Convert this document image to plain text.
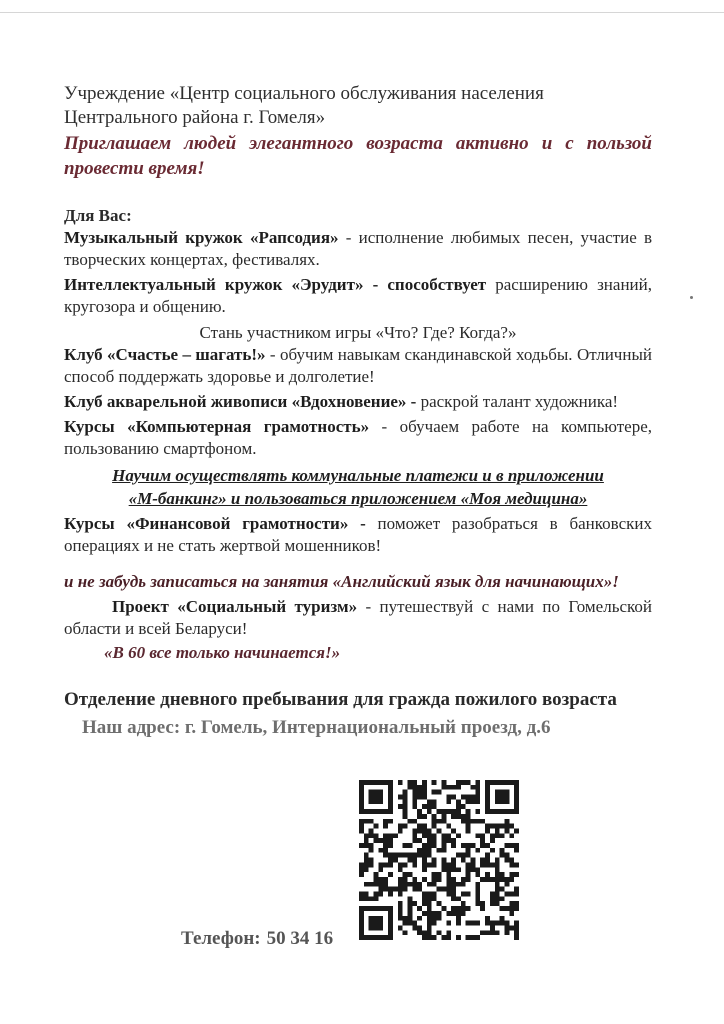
Учреждение «Центр социального обслуживания населения
Центрального района г. Гомеля»
Приглашаем людей элегантного возраста активно и с пользой провести время!
Для Вас:
Музыкальный кружок «Рапсодия» - исполнение любимых песен, участие в творческих концертах, фестивалях.
Интеллектуальный кружок «Эрудит» - способствует расширению знаний, кругозора и общению.
Стань участником игры «Что? Где? Когда?»
Клуб «Счастье – шагать!» - обучим навыкам скандинавской ходьбы. Отличный способ поддержать здоровье и долголетие!
Клуб акварельной живописи «Вдохновение» - раскрой талант художника!
Курсы «Компьютерная грамотность» - обучаем работе на компьютере, пользованию смартфоном.
Научим осуществлять коммунальные платежи и в приложении
«М-банкинг» и пользоваться приложением «Моя медицина»
Курсы «Финансовой грамотности» - поможет разобраться в банковских операциях и не стать жертвой мошенников!
и не забудь записаться на занятия «Английский язык для начинающих»!
Проект «Социальный туризм» - путешествуй с нами по Гомельской области и всей Беларуси!
«В 60 все только начинается!»
Отделение дневного пребывания для гражда пожилого возраста
Наш адрес: г. Гомель, Интернациональный проезд, д.6
Телефон: 50 34 16
